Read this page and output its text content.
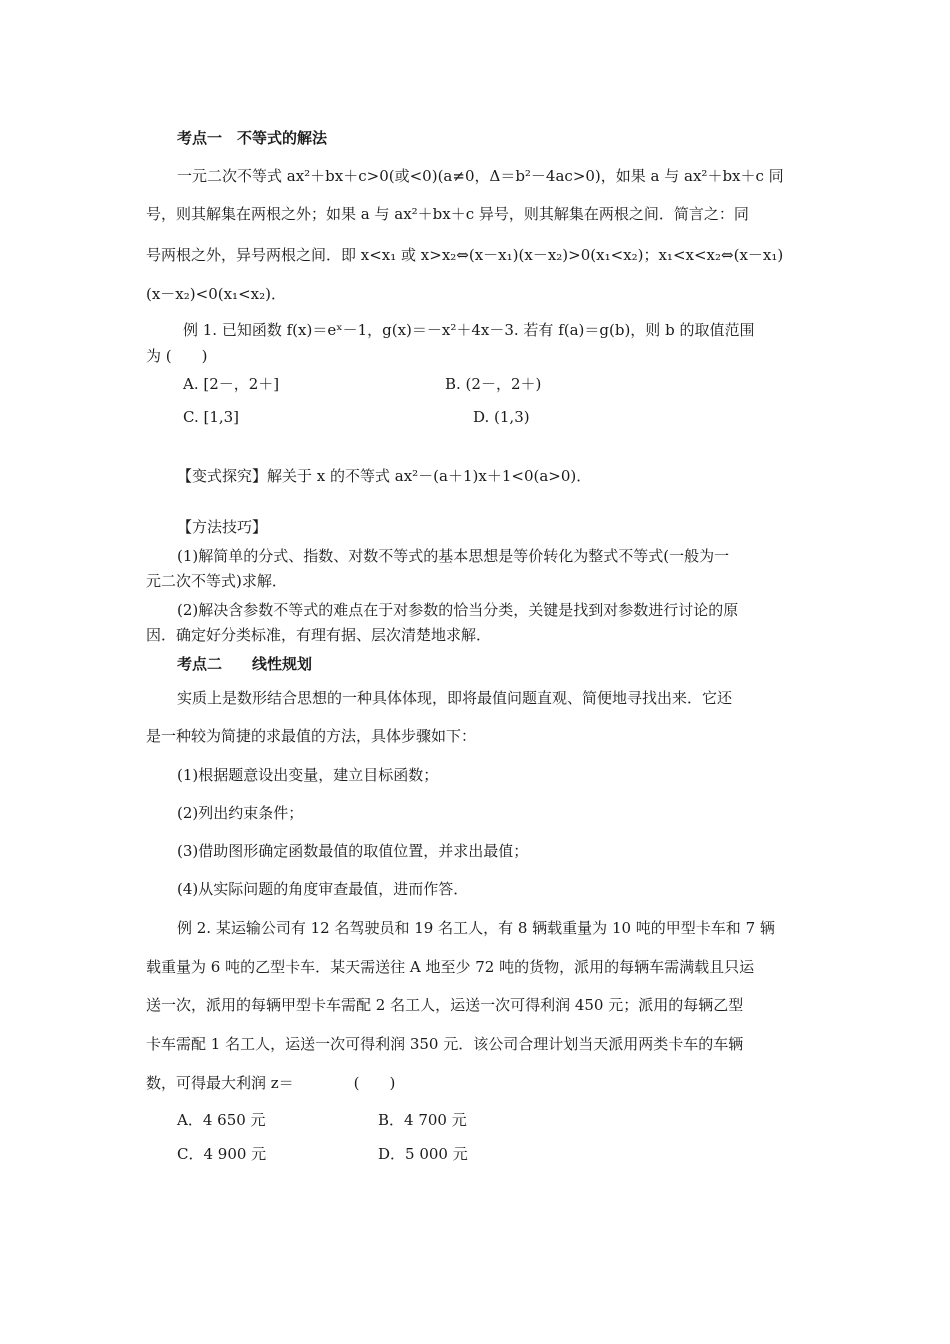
考点一　不等式的解法
一元二次不等式 ax²＋bx＋c>0(或<0)(a≠0，Δ＝b²－4ac>0)，如果 a 与 ax²＋bx＋c 同
号，则其解集在两根之外；如果 a 与 ax²＋bx＋c 异号，则其解集在两根之间．简言之：同
号两根之外，异号两根之间．即 x<x₁ 或 x>x₂⇔(x－x₁)(x－x₂)>0(x₁<x₂)；x₁<x<x₂⇔(x－x₁)
(x－x₂)<0(x₁<x₂)．
例 1. 已知函数 f(x)＝eˣ－1，g(x)＝－x²＋4x－3. 若有 f(a)＝g(b)，则 b 的取值范围
为 (　　)
A. [2－，2＋]	B. (2－，2＋)
C. [1,3]	D. (1,3)
【变式探究】解关于 x 的不等式 ax²－(a＋1)x＋1<0(a>0)．
【方法技巧】
(1)解简单的分式、指数、对数不等式的基本思想是等价转化为整式不等式(一般为一
元二次不等式)求解．
(2)解决含参数不等式的难点在于对参数的恰当分类，关键是找到对参数进行讨论的原
因．确定好分类标准，有理有据、层次清楚地求解．
考点二　　线性规划
实质上是数形结合思想的一种具体体现，即将最值问题直观、简便地寻找出来．它还
是一种较为简捷的求最值的方法，具体步骤如下：
(1)根据题意设出变量，建立目标函数；
(2)列出约束条件；
(3)借助图形确定函数最值的取值位置，并求出最值；
(4)从实际问题的角度审查最值，进而作答．
例 2. 某运输公司有 12 名驾驶员和 19 名工人，有 8 辆载重量为 10 吨的甲型卡车和 7 辆
载重量为 6 吨的乙型卡车．某天需送往 A 地至少 72 吨的货物，派用的每辆车需满载且只运
送一次，派用的每辆甲型卡车需配 2 名工人，运送一次可得利润 450 元；派用的每辆乙型
卡车需配 1 名工人，运送一次可得利润 350 元．该公司合理计划当天派用两类卡车的车辆
数，可得最大利润 z＝　　　　(　　)
A．4 650 元	B．4 700 元
C．4 900 元	D．5 000 元
